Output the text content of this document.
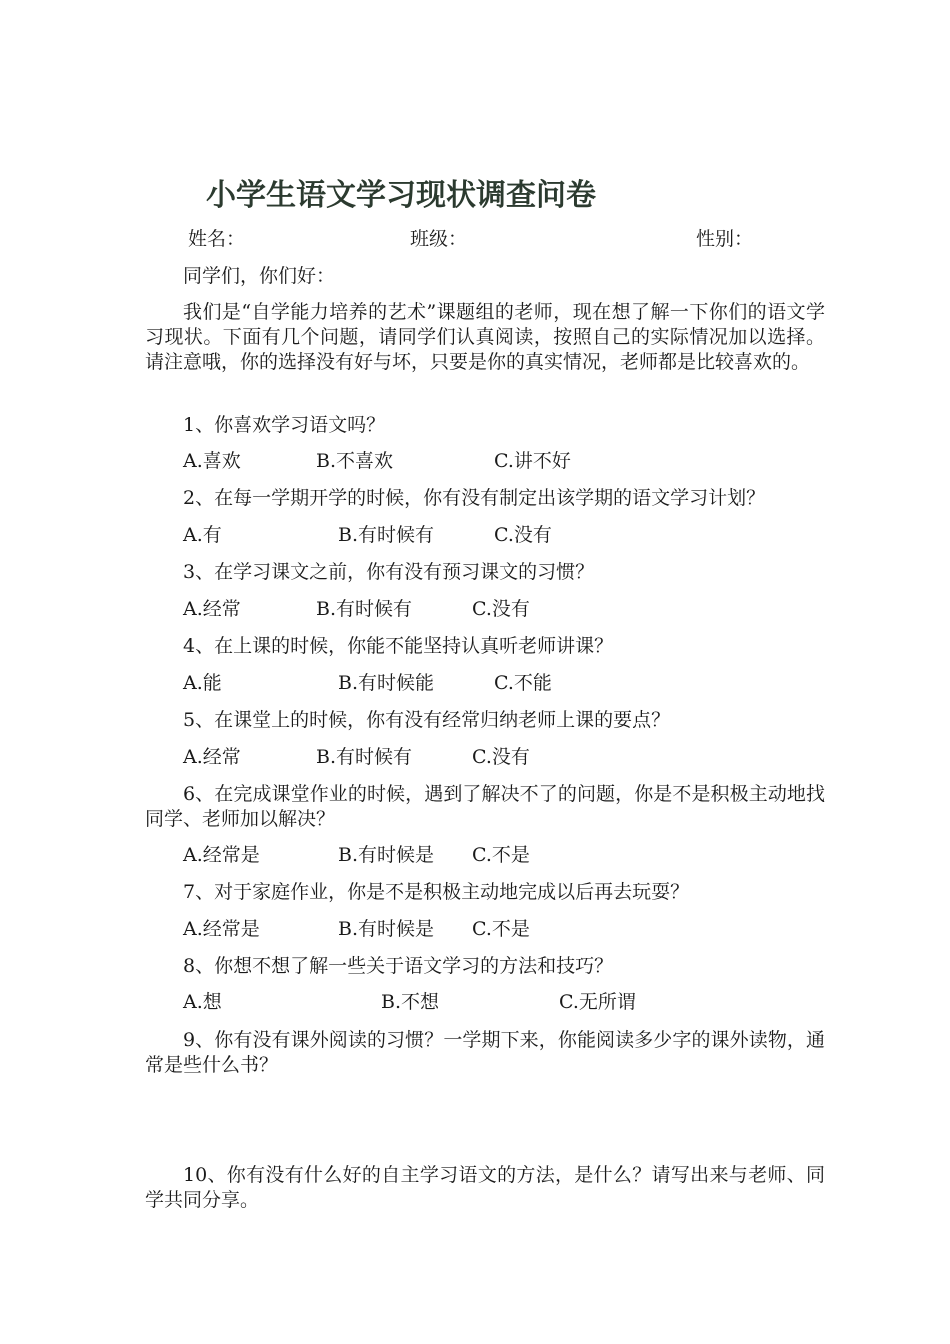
小学生语文学习现状调查问卷
姓名：	班级：	性别：
同学们，你们好：
我们是“自学能力培养的艺术”课题组的老师，现在想了解一下你们的语文学习现状。下面有几个问题，请同学们认真阅读，按照自己的实际情况加以选择。请注意哦，你的选择没有好与坏，只要是你的真实情况，老师都是比较喜欢的。
1、你喜欢学习语文吗？
A.喜欢	B.不喜欢	C.讲不好
2、在每一学期开学的时候，你有没有制定出该学期的语文学习计划？
A.有	B.有时候有	C.没有
3、在学习课文之前，你有没有预习课文的习惯？
A.经常	B.有时候有	C.没有
4、在上课的时候，你能不能坚持认真听老师讲课？
A.能	B.有时候能	C.不能
5、在课堂上的时候，你有没有经常归纳老师上课的要点？
A.经常	B.有时候有	C.没有
6、在完成课堂作业的时候，遇到了解决不了的问题，你是不是积极主动地找同学、老师加以解决？
A.经常是	B.有时候是 C.不是
7、对于家庭作业，你是不是积极主动地完成以后再去玩耍？
A.经常是	B.有时候是 C.不是
8、你想不想了解一些关于语文学习的方法和技巧？
A.想	B.不想	C.无所谓
9、你有没有课外阅读的习惯？一学期下来，你能阅读多少字的课外读物，通常是些什么书？
10、你有没有什么好的自主学习语文的方法，是什么？请写出来与老师、同学共同分享。
